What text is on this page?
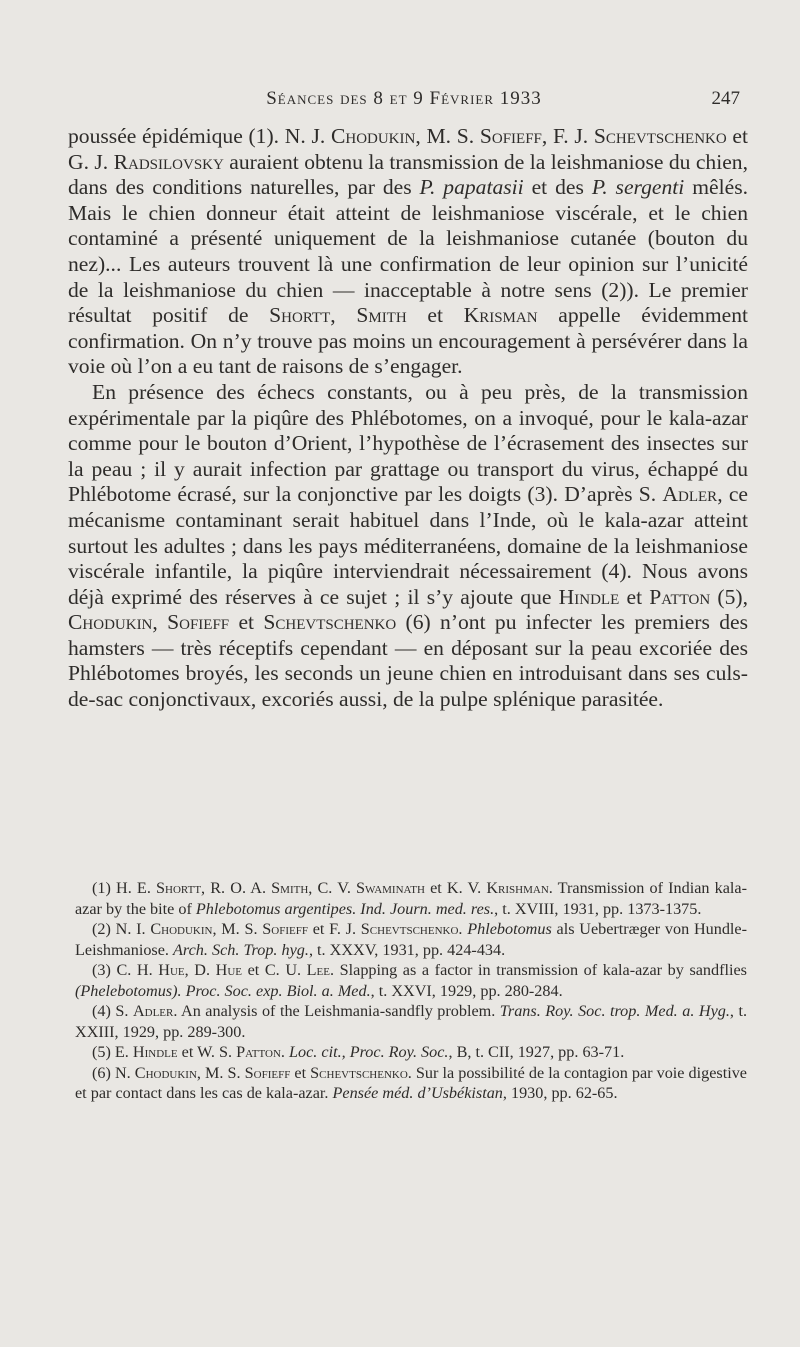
Séances des 8 et 9 Février 1933	247

poussée épidémique (1). N. J. Chodukin, M. S. Sofieff, F. J. Schevtschenko et G. J. Radsilovsky auraient obtenu la transmission de la leishmaniose du chien, dans des conditions naturelles, par des P. papatasii et des P. sergenti mêlés. Mais le chien donneur était atteint de leishmaniose viscérale, et le chien contaminé a présenté uniquement de la leishmaniose cutanée (bouton du nez)... Les auteurs trouvent là une confirmation de leur opinion sur l’unicité de la leishmaniose du chien — inacceptable à notre sens (2)). Le premier résultat positif de Shortt, Smith et Krisman appelle évidemment confirmation. On n’y trouve pas moins un encouragement à persévérer dans la voie où l’on a eu tant de raisons de s’engager.

En présence des échecs constants, ou à peu près, de la transmission expérimentale par la piqûre des Phlébotomes, on a invoqué, pour le kala-azar comme pour le bouton d’Orient, l’hypothèse de l’écrasement des insectes sur la peau ; il y aurait infection par grattage ou transport du virus, échappé du Phlébotome écrasé, sur la conjonctive par les doigts (3). D’après S. Adler, ce mécanisme contaminant serait habituel dans l’Inde, où le kala-azar atteint surtout les adultes ; dans les pays méditerranéens, domaine de la leishmaniose viscérale infantile, la piqûre interviendrait nécessairement (4). Nous avons déjà exprimé des réserves à ce sujet ; il s’y ajoute que Hindle et Patton (5), Chodukin, Sofieff et Schevtschenko (6) n’ont pu infecter les premiers des hamsters — très réceptifs cependant — en déposant sur la peau excoriée des Phlébotomes broyés, les seconds un jeune chien en introduisant dans ses culs-de-sac conjonctivaux, excoriés aussi, de la pulpe splénique parasitée.

(1) H. E. Shortt, R. O. A. Smith, C. V. Swaminath et K. V. Krishman. Transmission of Indian kala-azar by the bite of Phlebotomus argentipes. Ind. Journ. med. res., t. XVIII, 1931, pp. 1373-1375.

(2) N. I. Chodukin, M. S. Sofieff et F. J. Schevtschenko. Phlebotomus als Uebertræger von Hundle-Leishmaniose. Arch. Sch. Trop. hyg., t. XXXV, 1931, pp. 424-434.

(3) C. H. Hue, D. Hue et C. U. Lee. Slapping as a factor in transmission of kala-azar by sandflies (Phelebotomus). Proc. Soc. exp. Biol. a. Med., t. XXVI, 1929, pp. 280-284.

(4) S. Adler. An analysis of the Leishmania-sandfly problem. Trans. Roy. Soc. trop. Med. a. Hyg., t. XXIII, 1929, pp. 289-300.

(5) E. Hindle et W. S. Patton. Loc. cit., Proc. Roy. Soc., B, t. CII, 1927, pp. 63-71.

(6) N. Chodukin, M. S. Sofieff et Schevtschenko. Sur la possibilité de la contagion par voie digestive et par contact dans les cas de kala-azar. Pensée méd. d’Usbékistan, 1930, pp. 62-65.
